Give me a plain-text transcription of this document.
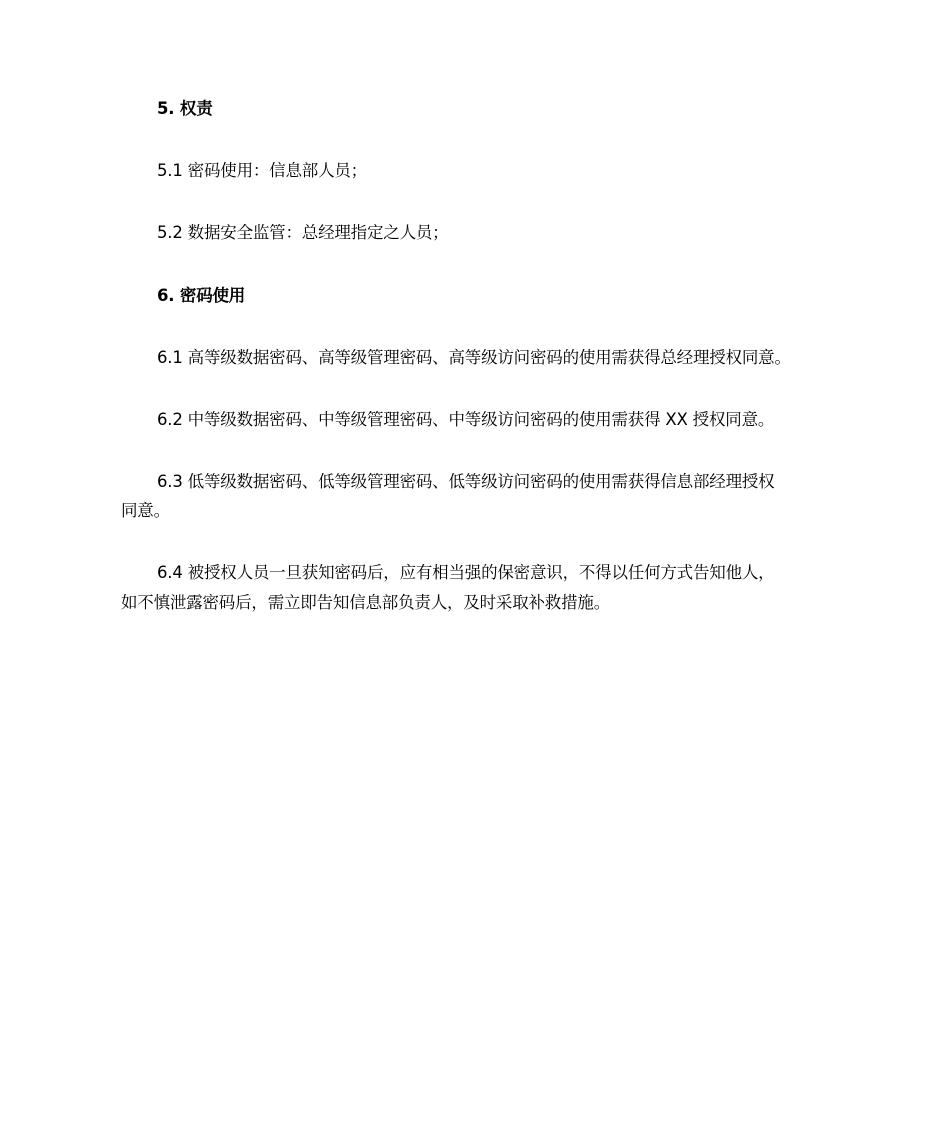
5. 权责
5.1 密码使用：信息部人员；
5.2 数据安全监管：总经理指定之人员；
6. 密码使用
6.1 高等级数据密码、高等级管理密码、高等级访问密码的使用需获得总经理授权同意。
6.2 中等级数据密码、中等级管理密码、中等级访问密码的使用需获得 XX 授权同意。
6.3 低等级数据密码、低等级管理密码、低等级访问密码的使用需获得信息部经理授权
同意。
6.4 被授权人员一旦获知密码后，应有相当强的保密意识，不得以任何方式告知他人，
如不慎泄露密码后，需立即告知信息部负责人，及时采取补救措施。
